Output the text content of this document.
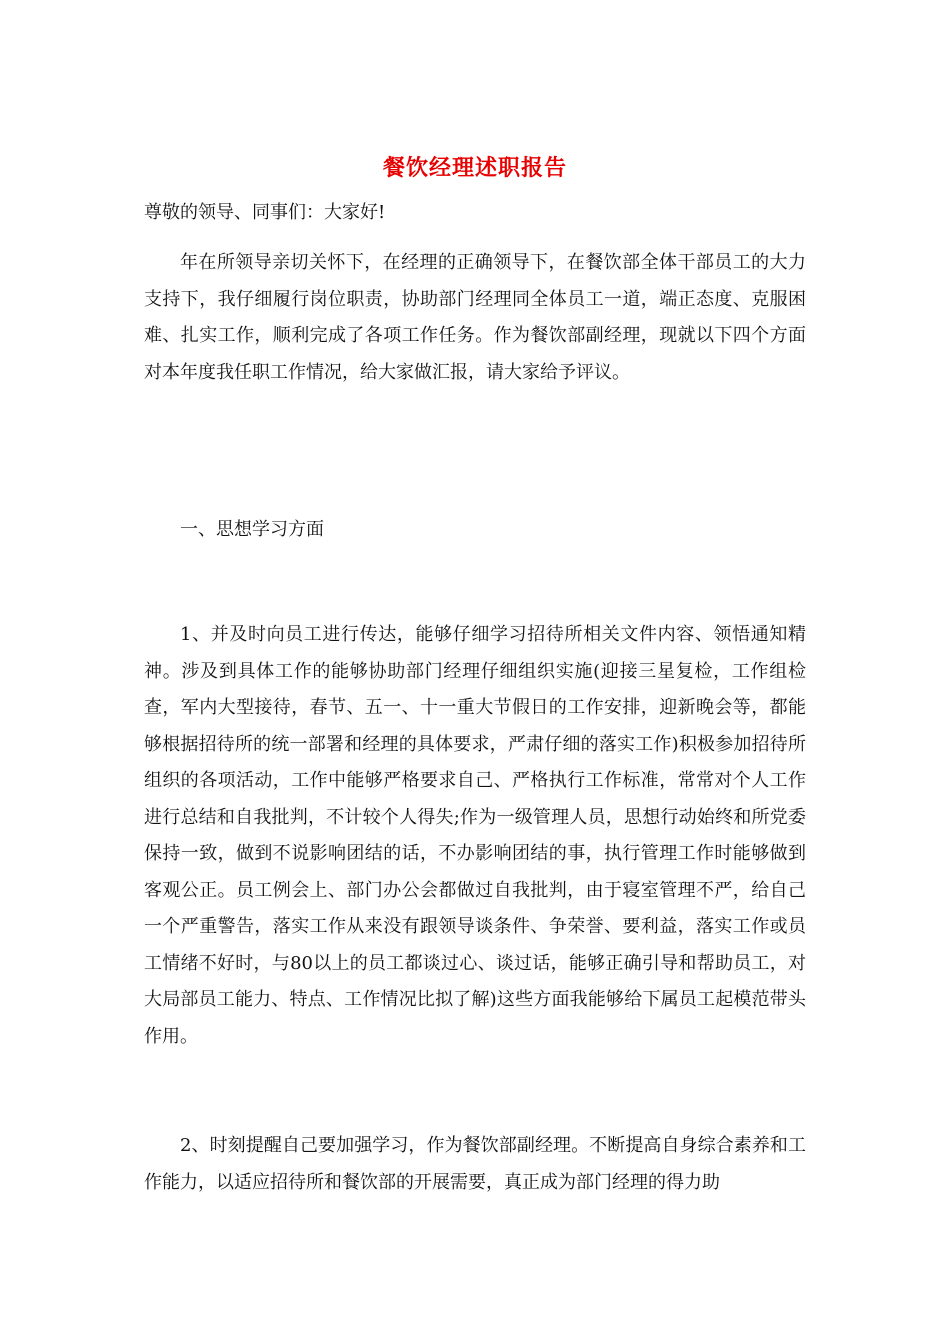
餐饮经理述职报告
尊敬的领导、同事们：大家好!

年在所领导亲切关怀下，在经理的正确领导下，在餐饮部全体干部员工的大力支持下，我仔细履行岗位职责，协助部门经理同全体员工一道，端正态度、克服困难、扎实工作，顺利完成了各项工作任务。作为餐饮部副经理，现就以下四个方面对本年度我任职工作情况，给大家做汇报，请大家给予评议。

一、思想学习方面

1、并及时向员工进行传达，能够仔细学习招待所相关文件内容、领悟通知精神。涉及到具体工作的能够协助部门经理仔细组织实施(迎接三星复检，工作组检查，军内大型接待，春节、五一、十一重大节假日的工作安排，迎新晚会等，都能够根据招待所的统一部署和经理的具体要求，严肃仔细的落实工作)积极参加招待所组织的各项活动，工作中能够严格要求自己、严格执行工作标准，常常对个人工作进行总结和自我批判，不计较个人得失;作为一级管理人员，思想行动始终和所党委保持一致，做到不说影响团结的话，不办影响团结的事，执行管理工作时能够做到客观公正。员工例会上、部门办公会都做过自我批判，由于寝室管理不严，给自己一个严重警告，落实工作从来没有跟领导谈条件、争荣誉、要利益，落实工作或员工情绪不好时，与80以上的员工都谈过心、谈过话，能够正确引导和帮助员工，对大局部员工能力、特点、工作情况比拟了解)这些方面我能够给下属员工起模范带头作用。

2、时刻提醒自己要加强学习，作为餐饮部副经理。不断提高自身综合素养和工作能力，以适应招待所和餐饮部的开展需要，真正成为部门经理的得力助
